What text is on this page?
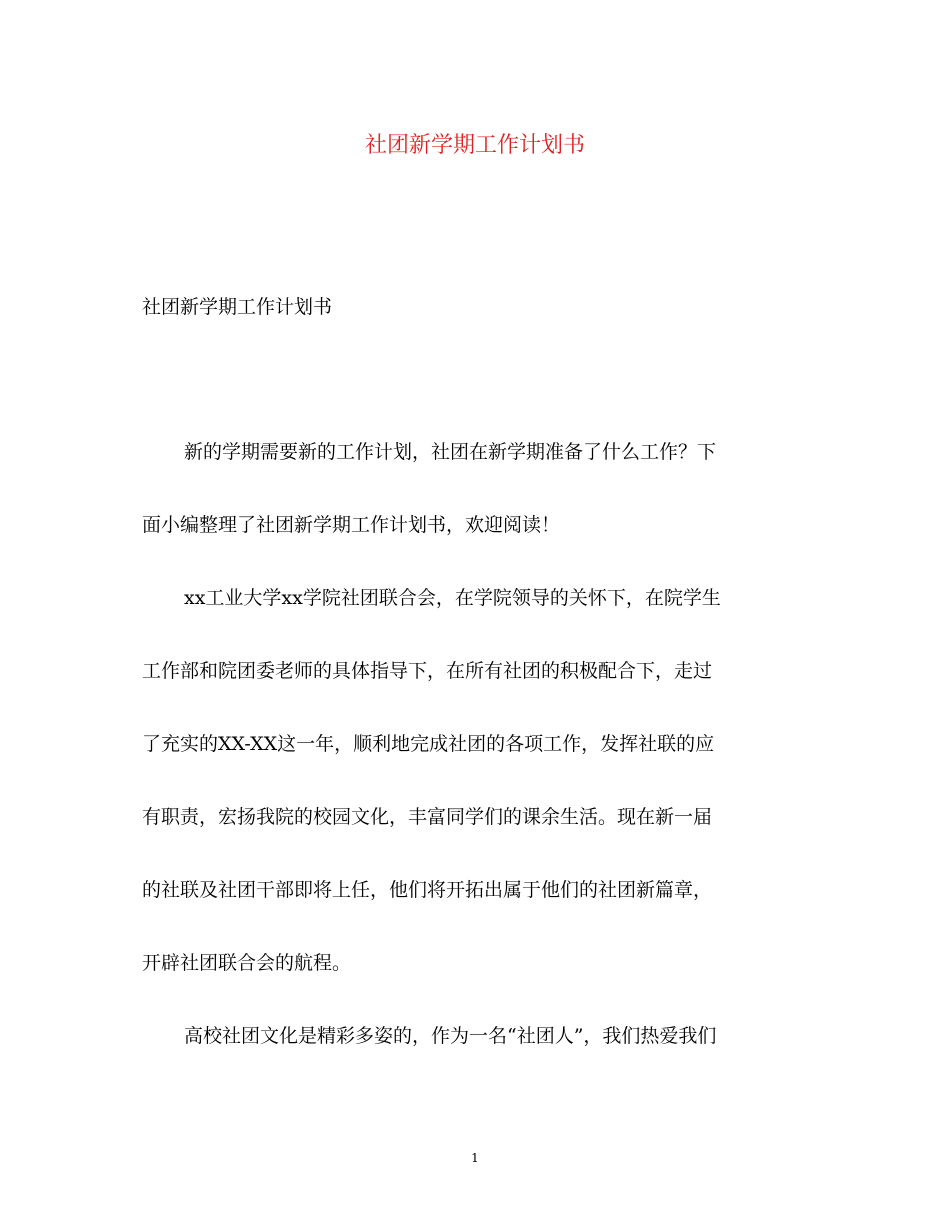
社团新学期工作计划书
社团新学期工作计划书
新的学期需要新的工作计划，社团在新学期准备了什么工作？下
面小编整理了社团新学期工作计划书，欢迎阅读！
xx工业大学xx学院社团联合会，在学院领导的关怀下，在院学生
工作部和院团委老师的具体指导下，在所有社团的积极配合下，走过
了充实的XX-XX这一年，顺利地完成社团的各项工作，发挥社联的应
有职责，宏扬我院的校园文化，丰富同学们的课余生活。现在新一届
的社联及社团干部即将上任，他们将开拓出属于他们的社团新篇章，
开辟社团联合会的航程。
高校社团文化是精彩多姿的，作为一名“社团人”，我们热爱我们
1
